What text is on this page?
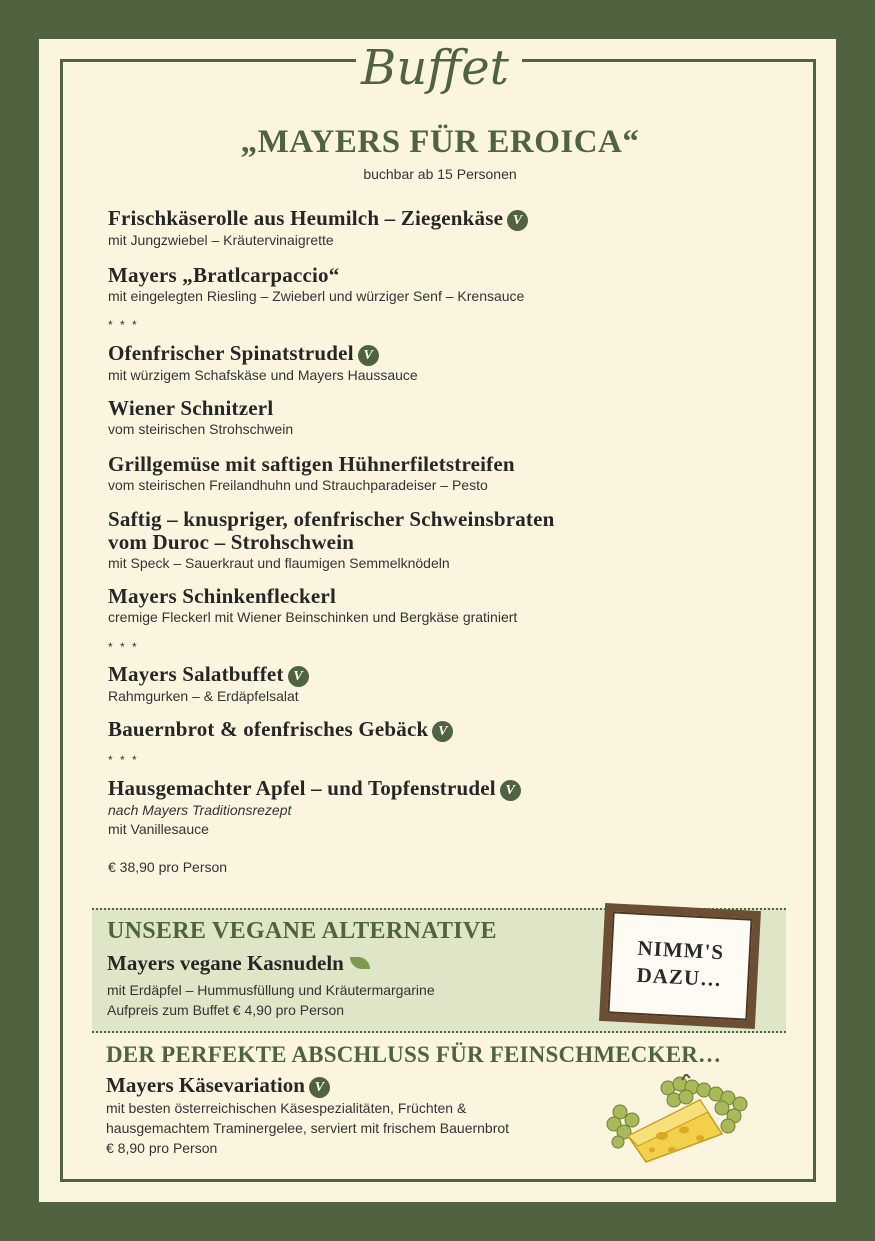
Buffet
„MAYERS FÜR EROICA“
buchbar ab 15 Personen
Frischkäserolle aus Heumilch – Ziegenkäse V
mit Jungzwiebel – Kräutervinaigrette
Mayers „Bratlcarpaccio“
mit eingelegten Riesling – Zwieberl und würziger Senf – Krensauce
* * *
Ofenfrischer Spinatstrudel V
mit würzigem Schafskäse und Mayers Haussauce
Wiener Schnitzerl
vom steirischen Strohschwein
Grillgemüse mit saftigen Hühnerfiletstreifen
vom steirischen Freilandhuhn und Strauchparadeiser – Pesto
Saftig – knuspriger, ofenfrischer Schweinsbraten
vom Duroc – Strohschwein
mit Speck – Sauerkraut und flaumigen Semmelknödeln
Mayers Schinkenfleckerl
cremige Fleckerl mit Wiener Beinschinken und Bergkäse gratiniert
* * *
Mayers Salatbuffet V
Rahmgurken – & Erdäpfelsalat
Bauernbrot & ofenfrisches Gebäck V
* * *
Hausgemachter Apfel – und Topfenstrudel V
nach Mayers Traditionsrezept
mit Vanillesauce
€ 38,90 pro Person
UNSERE VEGANE ALTERNATIVE
Mayers vegane Kasnudeln
mit Erdäpfel – Hummusfüllung und Kräutermargarine
Aufpreis zum Buffet € 4,90 pro Person
NIMM'S
DAZU…
DER PERFEKTE ABSCHLUSS FÜR FEINSCHMECKER…
Mayers Käsevariation V
mit besten österreichischen Käsespezialitäten, Früchten &
hausgemachtem Traminergelee, serviert mit frischem Bauernbrot
€ 8,90 pro Person
